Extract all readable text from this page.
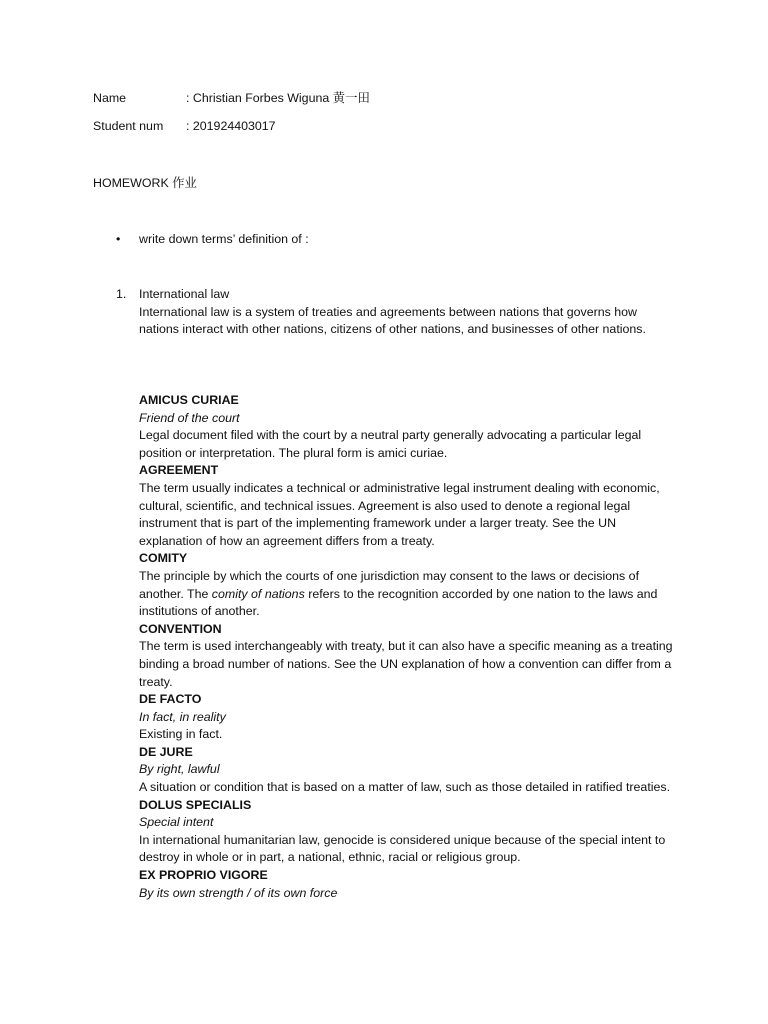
Name	: Christian Forbes Wiguna 黄一田
Student num : 201924403017
HOMEWORK 作业
• write down terms’ definition of :
1. International law

International law is a system of treaties and agreements between nations that governs how nations interact with other nations, citizens of other nations, and businesses of other nations.

AMICUS CURIAE

Friend of the court

Legal document filed with the court by a neutral party generally advocating a particular legal position or interpretation. The plural form is amici curiae.

AGREEMENT

The term usually indicates a technical or administrative legal instrument dealing with economic, cultural, scientific, and technical issues. Agreement is also used to denote a regional legal instrument that is part of the implementing framework under a larger treaty. See the UN explanation of how an agreement differs from a treaty.

COMITY

The principle by which the courts of one jurisdiction may consent to the laws or decisions of another. The comity of nations refers to the recognition accorded by one nation to the laws and institutions of another.

CONVENTION

The term is used interchangeably with treaty, but it can also have a specific meaning as a treating binding a broad number of nations. See the UN explanation of how a convention can differ from a treaty.

DE FACTO

In fact, in reality

Existing in fact.

DE JURE

By right, lawful

A situation or condition that is based on a matter of law, such as those detailed in ratified treaties.

DOLUS SPECIALIS

Special intent

In international humanitarian law, genocide is considered unique because of the special intent to destroy in whole or in part, a national, ethnic, racial or religious group.

EX PROPRIO VIGORE

By its own strength / of its own force
